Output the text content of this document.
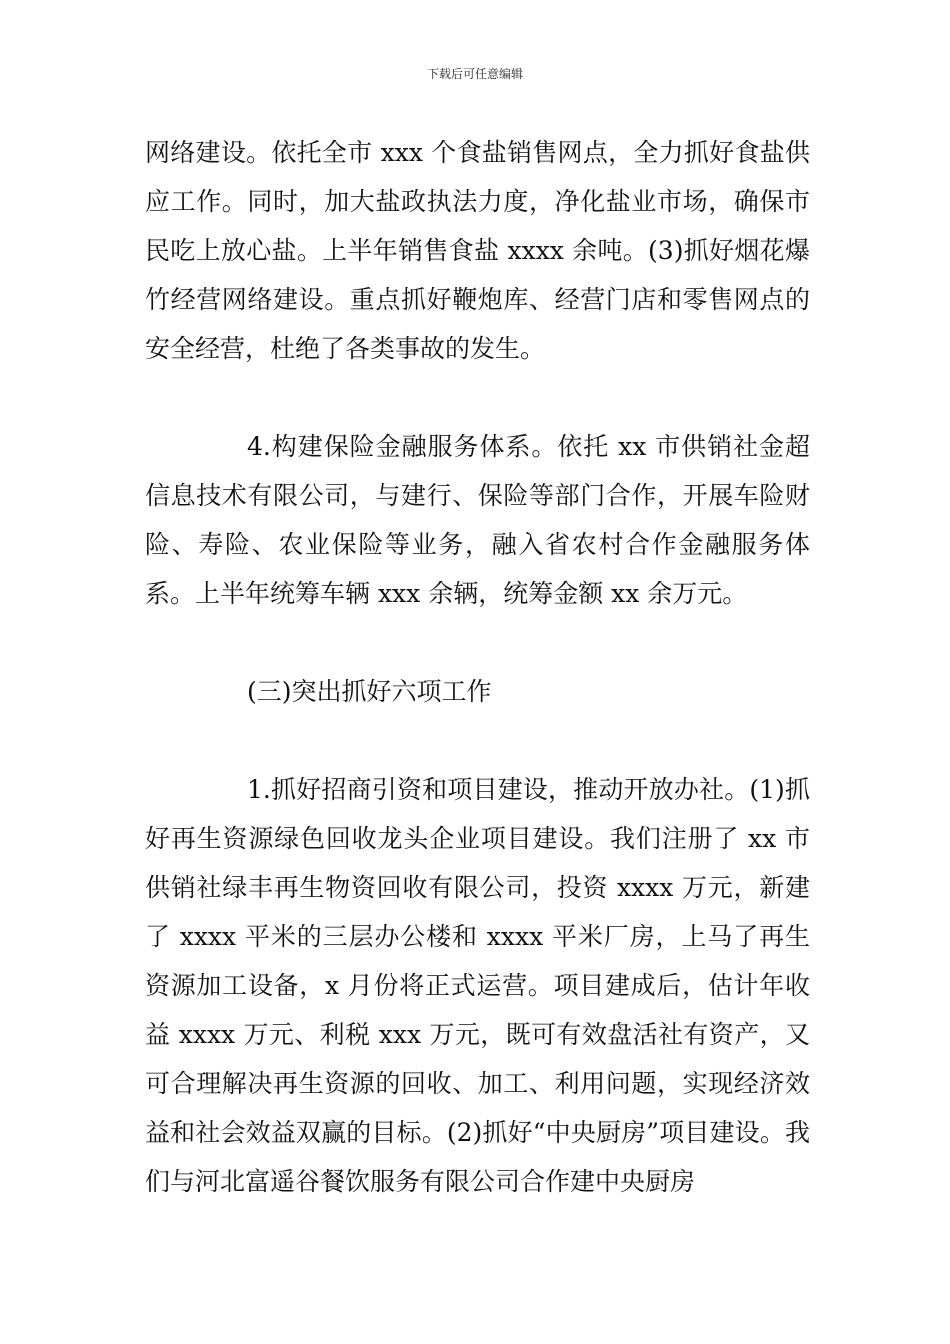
下载后可任意编辑

网络建设。依托全市 xxx 个食盐销售网点，全力抓好食盐供应工作。同时，加大盐政执法力度，净化盐业市场，确保市民吃上放心盐。上半年销售食盐 xxxx 余吨。(3)抓好烟花爆竹经营网络建设。重点抓好鞭炮库、经营门店和零售网点的安全经营，杜绝了各类事故的发生。

4.构建保险金融服务体系。依托 xx 市供销社金超信息技术有限公司，与建行、保险等部门合作，开展车险财险、寿险、农业保险等业务，融入省农村合作金融服务体系。上半年统筹车辆 xxx 余辆，统筹金额 xx 余万元。

(三)突出抓好六项工作

1.抓好招商引资和项目建设，推动开放办社。(1)抓好再生资源绿色回收龙头企业项目建设。我们注册了 xx 市供销社绿丰再生物资回收有限公司，投资 xxxx 万元，新建了 xxxx 平米的三层办公楼和 xxxx 平米厂房，上马了再生资源加工设备，x 月份将正式运营。项目建成后，估计年收益 xxxx 万元、利税 xxx 万元，既可有效盘活社有资产，又可合理解决再生资源的回收、加工、利用问题，实现经济效益和社会效益双赢的目标。(2)抓好“中央厨房”项目建设。我们与河北富遥谷餐饮服务有限公司合作建中央厨房
